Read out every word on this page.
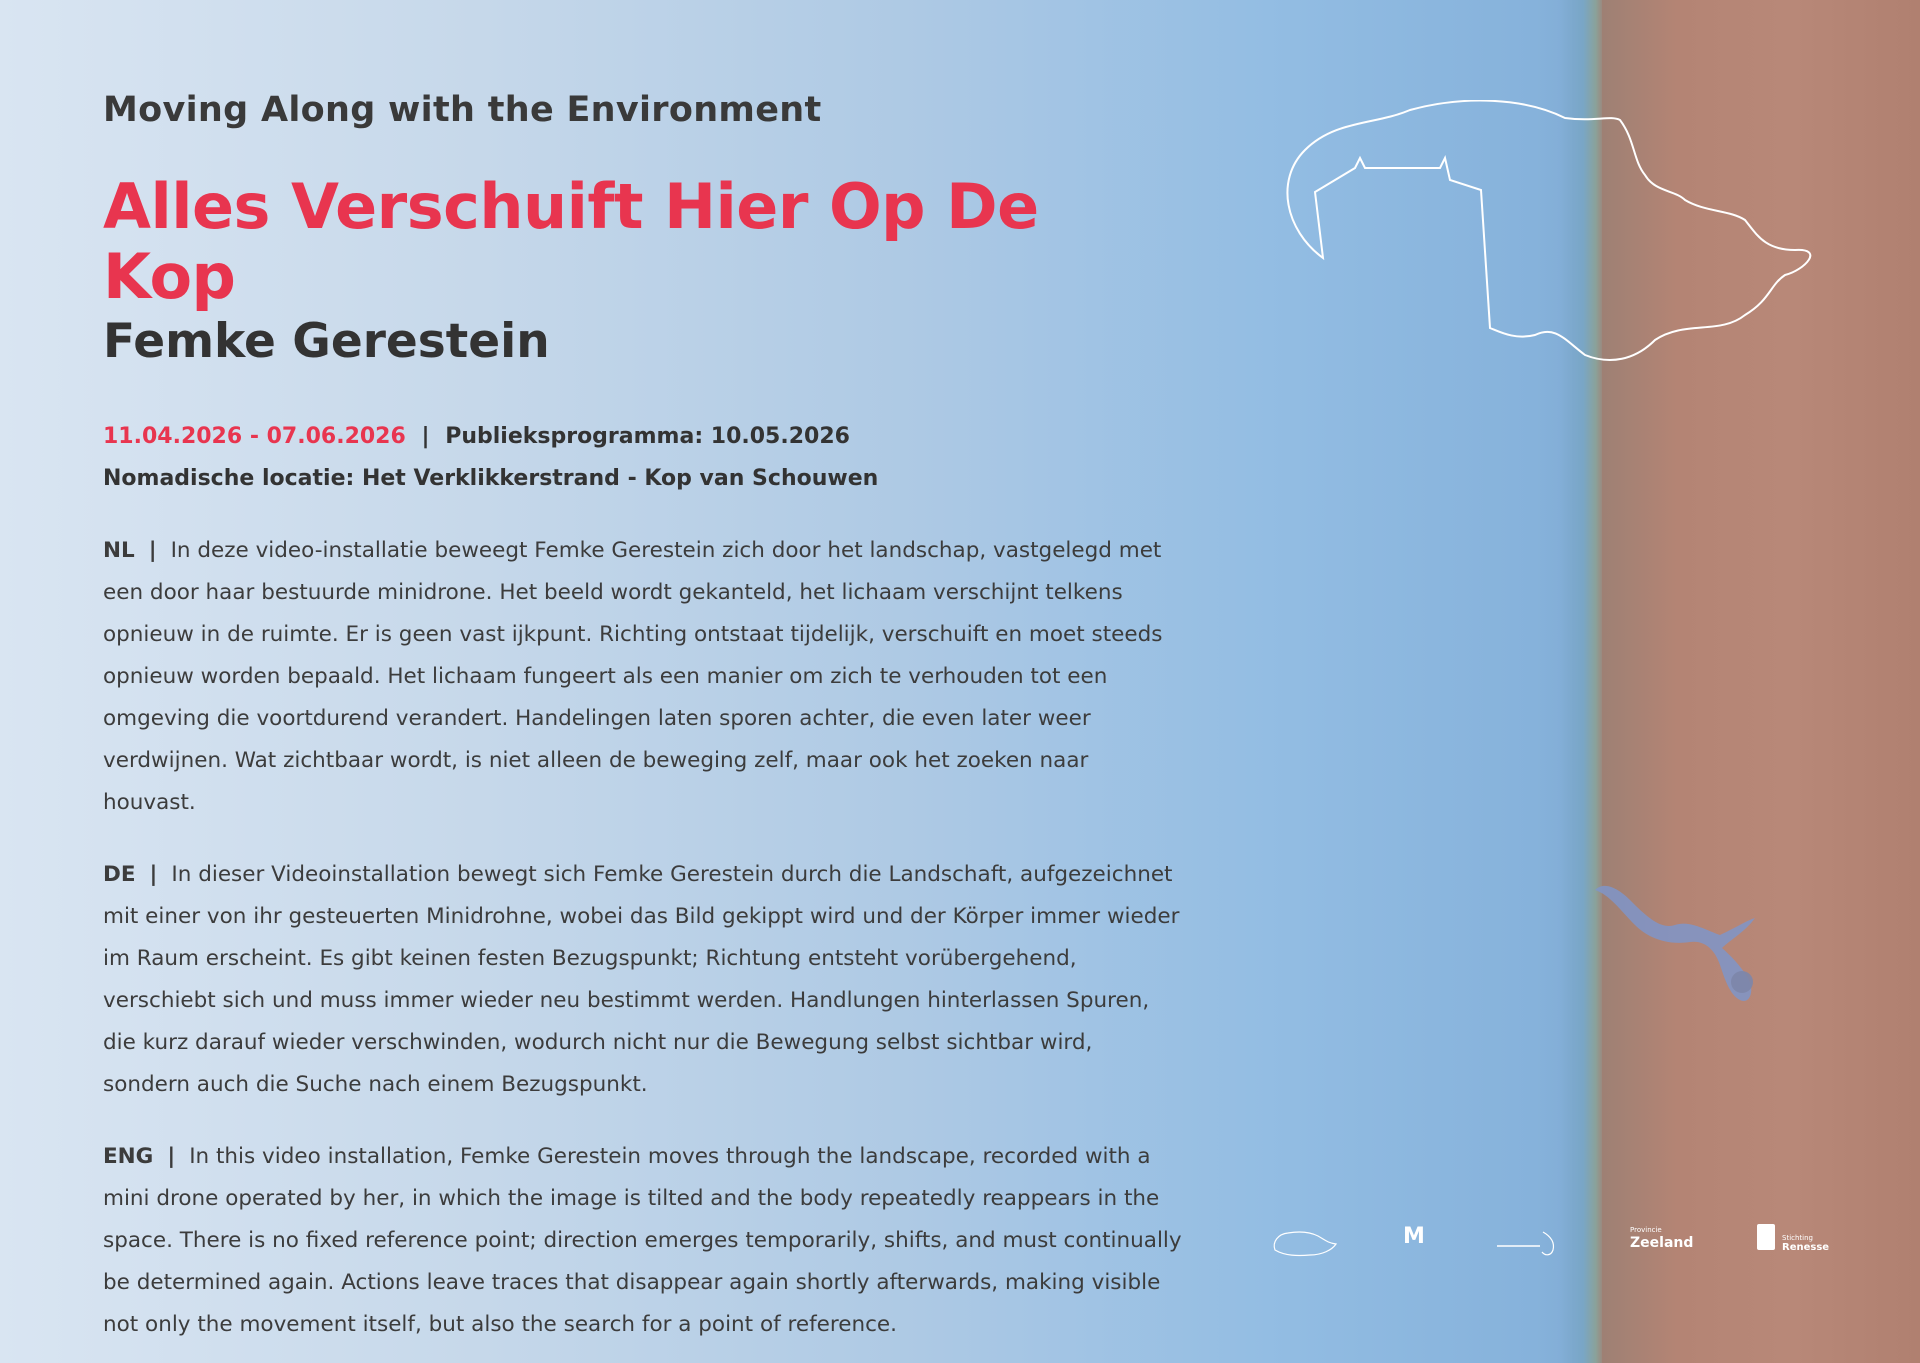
Moving Along with the Environment
Alles Verschuift Hier Op De Kop
Femke Gerestein
11.04.2026 - 07.06.2026 | Publieksprogramma: 10.05.2026
Nomadische locatie: Het Verklikkerstrand - Kop van Schouwen
NL | In deze video-installatie beweegt Femke Gerestein zich door het landschap, vastgelegd met een door haar bestuurde minidrone. Het beeld wordt gekanteld, het lichaam verschijnt telkens opnieuw in de ruimte. Er is geen vast ijkpunt. Richting ontstaat tijdelijk, verschuift en moet steeds opnieuw worden bepaald. Het lichaam fungeert als een manier om zich te verhouden tot een omgeving die voortdurend verandert. Handelingen laten sporen achter, die even later weer verdwijnen. Wat zichtbaar wordt, is niet alleen de beweging zelf, maar ook het zoeken naar houvast.
DE | In dieser Videoinstallation bewegt sich Femke Gerestein durch die Landschaft, aufgezeichnet mit einer von ihr gesteuerten Minidrohne, wobei das Bild gekippt wird und der Körper immer wieder im Raum erscheint. Es gibt keinen festen Bezugspunkt; Richtung entsteht vorübergehend, verschiebt sich und muss immer wieder neu bestimmt werden. Handlungen hinterlassen Spuren, die kurz darauf wieder verschwinden, wodurch nicht nur die Bewegung selbst sichtbar wird, sondern auch die Suche nach einem Bezugspunkt.
ENG | In this video installation, Femke Gerestein moves through the landscape, recorded with a mini drone operated by her, in which the image is tilted and the body repeatedly reappears in the space. There is no fixed reference point; direction emerges temporarily, shifts, and must continually be determined again. Actions leave traces that disappear again shortly afterwards, making visible not only the movement itself, but also the search for a point of reference.
M	Provincie
Zeeland	Stichting
Renesse
